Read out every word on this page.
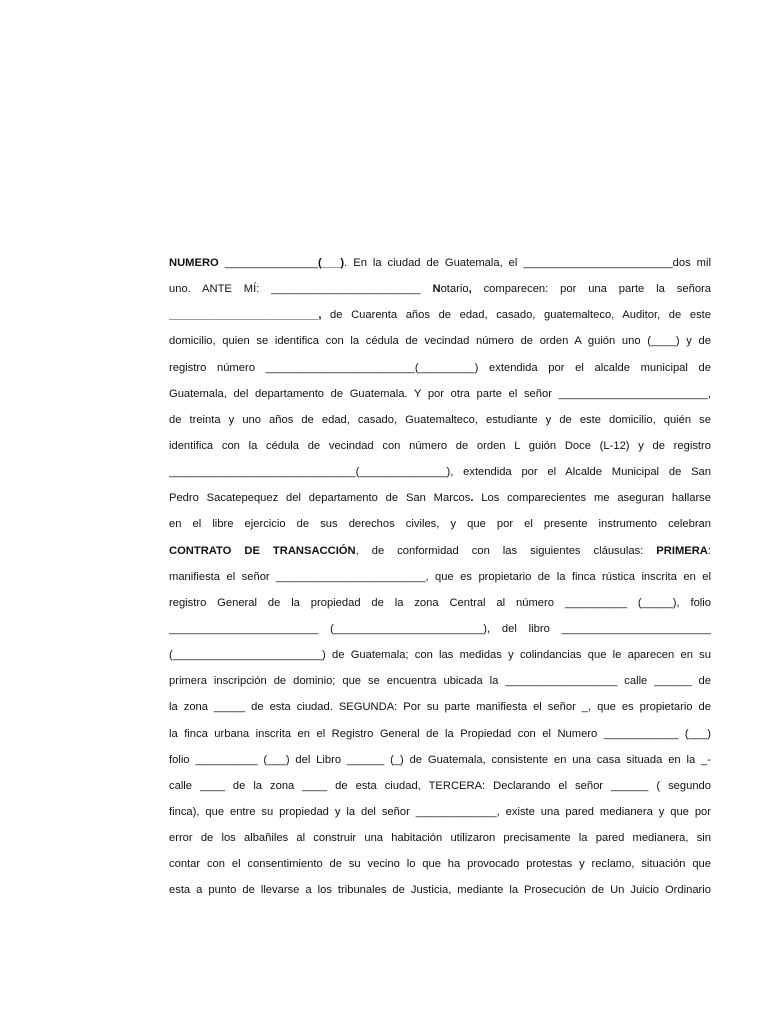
NUMERO _______________(___). En la ciudad de Guatemala, el ________________________dos mil
uno. ANTE MÍ: ________________________ Notario, comparecen: por una parte la señora
________________________, de Cuarenta años de edad, casado, guatemalteco, Auditor, de este
domicilio, quien se identifica con la cédula de vecindad número de orden A guión uno (____) y de
registro número ________________________(_________) extendida por el alcalde municipal de
Guatemala, del departamento de Guatemala. Y por otra parte el señor ________________________,
de treinta y uno años de edad, casado, Guatemalteco, estudiante y de este domicilio, quién se
identifica con la cédula de vecindad con número de orden L guión Doce (L-12) y de registro
______________________________(______________), extendida por el Alcalde Municipal de San
Pedro Sacatepequez del departamento de San Marcos. Los comparecientes me aseguran hallarse
en el libre ejercicio de sus derechos civiles, y que por el presente instrumento celebran
CONTRATO DE TRANSACCIÓN, de conformidad con las siguientes cláusulas: PRIMERA:
manifiesta el señor ________________________, que es propietario de la finca rústica inscrita en el
registro General de la propiedad de la zona Central al número __________ (_____), folio
________________________ (________________________), del libro ________________________
(________________________) de Guatemala; con las medidas y colindancias que le aparecen en su
primera inscripción de dominio; que se encuentra ubicada la __________________ calle ______ de
la zona _____ de esta ciudad. SEGUNDA: Por su parte manifiesta el señor _, que es propietario de
la finca urbana inscrita en el Registro General de la Propiedad con el Numero ____________ (___)
folio __________ (___) del Libro ______ (_) de Guatemala, consistente en una casa situada en la _-
calle ____ de la zona ____ de esta ciudad, TERCERA: Declarando el señor ______ ( segundo
finca), que entre su propiedad y la del señor _____________, existe una pared medianera y que por
error de los albañiles al construir una habitación utilizaron precisamente la pared medianera, sin
contar con el consentimiento de su vecino lo que ha provocado protestas y reclamo, situación que
esta a punto de llevarse a los tribunales de Justicia, mediante la Prosecución de Un Juicio Ordinario
